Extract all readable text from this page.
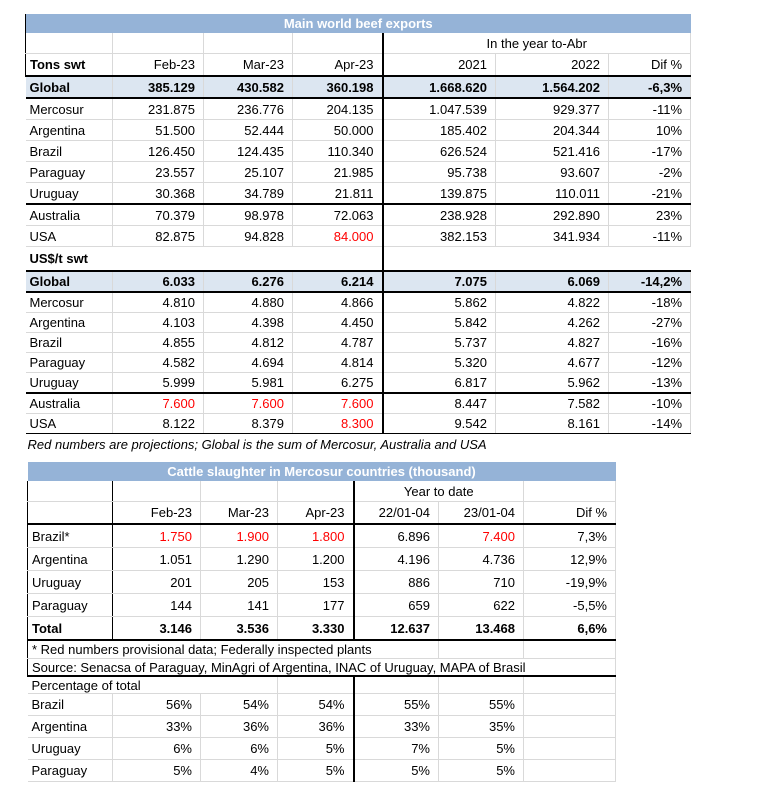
Main world beef exports						
				In the year to-Abr		
Tons swt	Feb-23	Mar-23	Apr-23	2021	2022	Dif %
Global	385.129	430.582	360.198	1.668.620	1.564.202	-6,3%
Mercosur	231.875	236.776	204.135	1.047.539	929.377	-11%
Argentina	51.500	52.444	50.000	185.402	204.344	10%
Brazil	126.450	124.435	110.340	626.524	521.416	-17%
Paraguay	23.557	25.107	21.985	95.738	93.607	-2%
Uruguay	30.368	34.789	21.811	139.875	110.011	-21%
Australia	70.379	98.978	72.063	238.928	292.890	23%
USA	82.875	94.828	84.000	382.153	341.934	-11%
US$/t swt						
Global	6.033	6.276	6.214	7.075	6.069	-14,2%
Mercosur	4.810	4.880	4.866	5.862	4.822	-18%
Argentina	4.103	4.398	4.450	5.842	4.262	-27%
Brazil	4.855	4.812	4.787	5.737	4.827	-16%
Paraguay	4.582	4.694	4.814	5.320	4.677	-12%
Uruguay	5.999	5.981	6.275	6.817	5.962	-13%
Australia	7.600	7.600	7.600	8.447	7.582	-10%
USA	8.122	8.379	8.300	9.542	8.161	-14%
Red numbers are projections; Global is the sum of Mercosur, Australia and USA						
Cattle slaughter in Mercosur countries (thousand)						
				Year to date		
	Feb-23	Mar-23	Apr-23	22/01-04	23/01-04	Dif %
Brazil*	1.750	1.900	1.800	6.896	7.400	7,3%
Argentina	1.051	1.290	1.200	4.196	4.736	12,9%
Uruguay	201	205	153	886	710	-19,9%
Paraguay	144	141	177	659	622	-5,5%
Total	3.146	3.536	3.330	12.637	13.468	6,6%
* Red numbers provisional data; Federally inspected plants						
Source: Senacsa of Paraguay, MinAgri of Argentina, INAC of Uruguay, MAPA of Brasil						
Percentage of total						
Brazil	56%	54%	54%	55%	55%	
Argentina	33%	36%	36%	33%	35%	
Uruguay	6%	6%	5%	7%	5%	
Paraguay	5%	4%	5%	5%	5%	
